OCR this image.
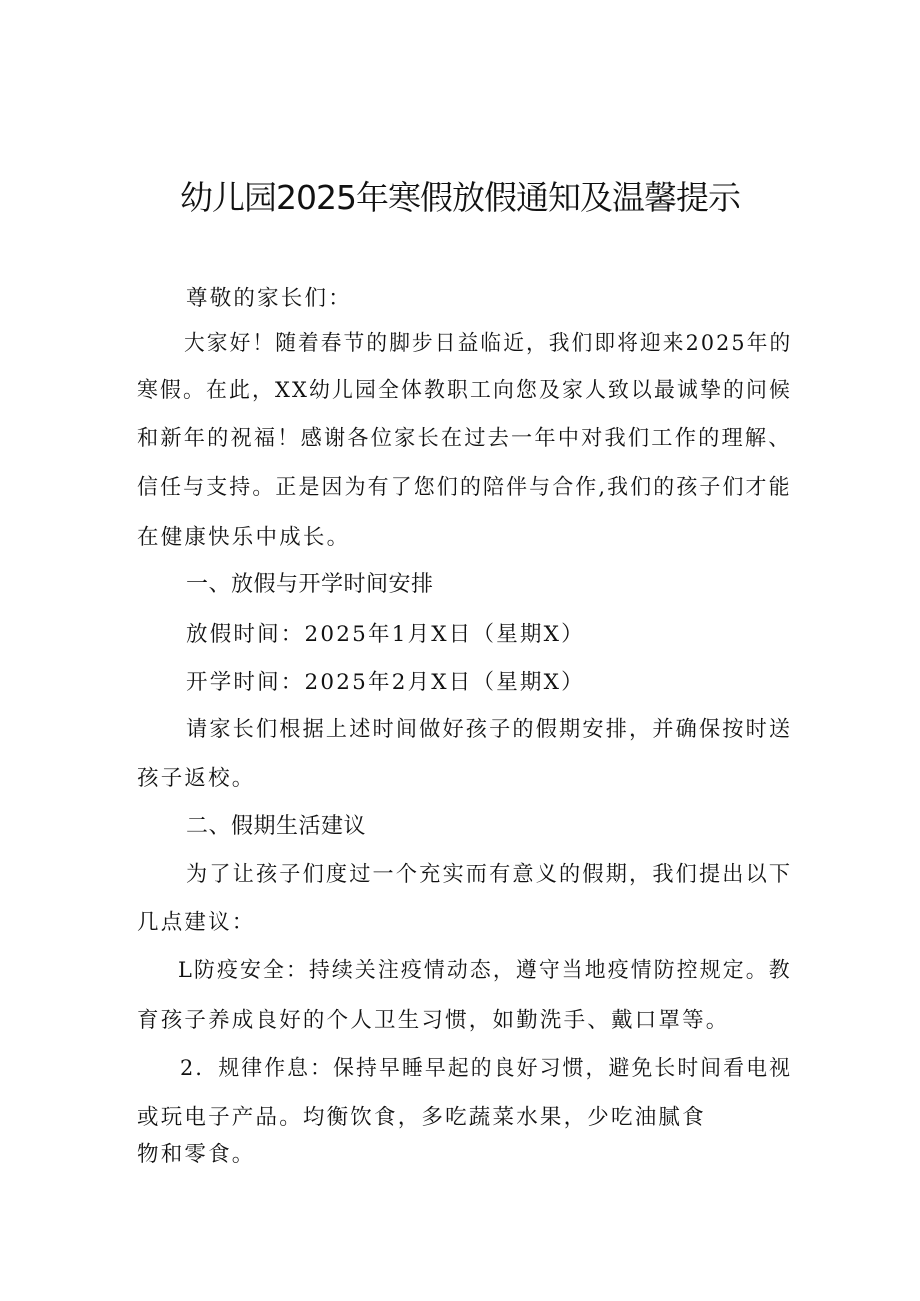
幼儿园2025年寒假放假通知及温馨提示
尊敬的家长们：
大家好！随着春节的脚步日益临近，我们即将迎来2025年的
寒假。在此，XX幼儿园全体教职工向您及家人致以最诚挚的问候
和新年的祝福！感谢各位家长在过去一年中对我们工作的理解、
信任与支持。正是因为有了您们的陪伴与合作,我们的孩子们才能
在健康快乐中成长。
一、放假与开学时间安排
放假时间：2025年1月X日（星期X）
开学时间：2025年2月X日（星期X）
请家长们根据上述时间做好孩子的假期安排，并确保按时送
孩子返校。
二、假期生活建议
为了让孩子们度过一个充实而有意义的假期，我们提出以下
几点建议：
L防疫安全：持续关注疫情动态，遵守当地疫情防控规定。教
育孩子养成良好的个人卫生习惯，如勤洗手、戴口罩等。
2．规律作息：保持早睡早起的良好习惯，避免长时间看电视
或玩电子产品。均衡饮食，多吃蔬菜水果，少吃油腻食
物和零食。
